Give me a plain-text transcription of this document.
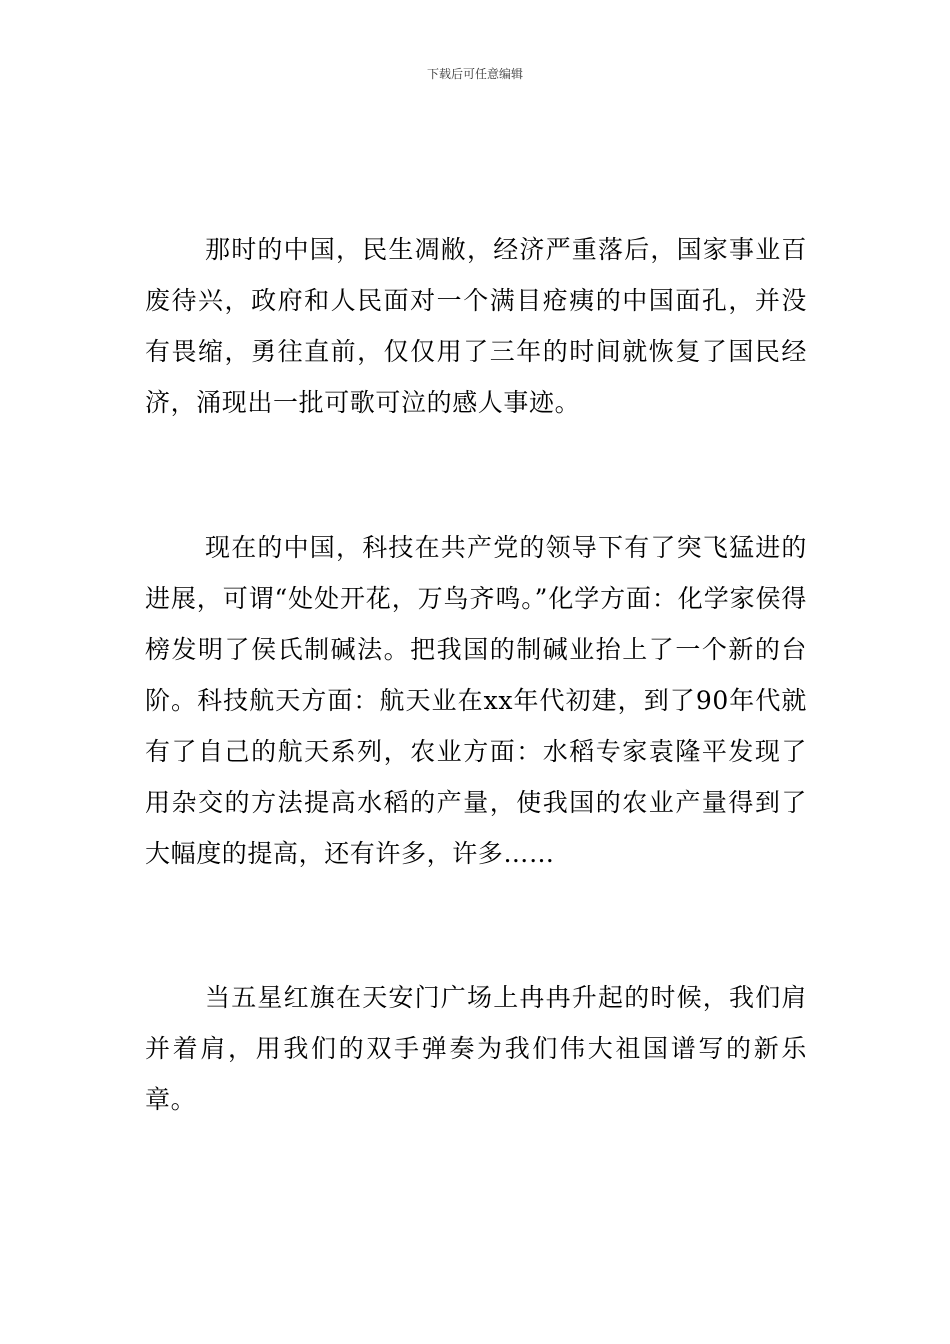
下载后可任意编辑

那时的中国，民生凋敝，经济严重落后，国家事业百废待兴，政府和人民面对一个满目疮痍的中国面孔，并没有畏缩，勇往直前，仅仅用了三年的时间就恢复了国民经济，涌现出一批可歌可泣的感人事迹。

现在的中国，科技在共产党的领导下有了突飞猛进的进展，可谓“处处开花，万鸟齐鸣。”化学方面：化学家侯得榜发明了侯氏制碱法。把我国的制碱业抬上了一个新的台阶。科技航天方面：航天业在xx年代初建，到了90年代就有了自己的航天系列，农业方面：水稻专家袁隆平发现了用杂交的方法提高水稻的产量，使我国的农业产量得到了大幅度的提高，还有许多，许多……

当五星红旗在天安门广场上冉冉升起的时候，我们肩并着肩，用我们的双手弹奏为我们伟大祖国谱写的新乐章。
